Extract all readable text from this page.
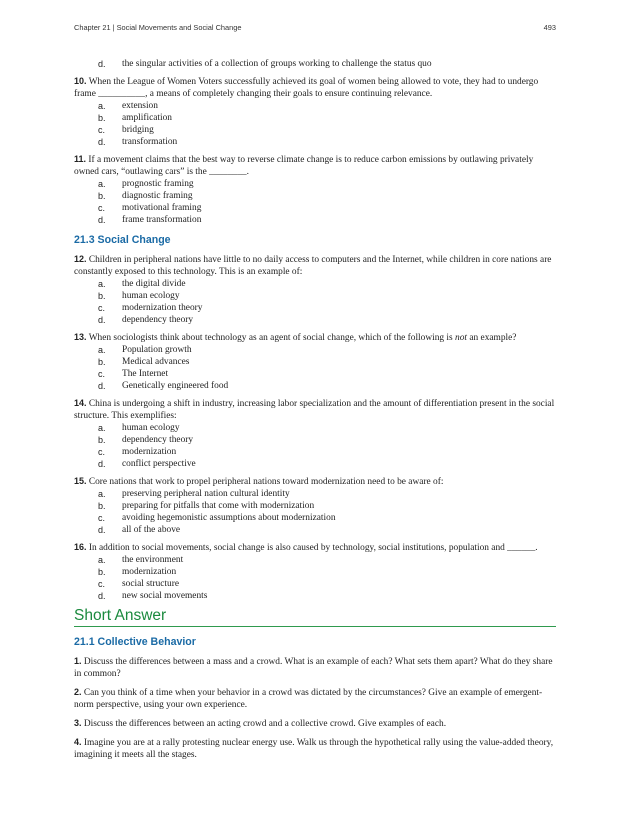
Chapter 21 | Social Movements and Social Change	493
d.	the singular activities of a collection of groups working to challenge the status quo

10. When the League of Women Voters successfully achieved its goal of women being allowed to vote, they had to undergo frame __________, a means of completely changing their goals to ensure continuing relevance.

a.	extension
b.	amplification
c.	bridging
d.	transformation

11. If a movement claims that the best way to reverse climate change is to reduce carbon emissions by outlawing privately owned cars, “outlawing cars” is the ________.

a.	prognostic framing
b.	diagnostic framing
c.	motivational framing
d.	frame transformation
21.3 Social Change

12. Children in peripheral nations have little to no daily access to computers and the Internet, while children in core nations are constantly exposed to this technology. This is an example of:

a.	the digital divide
b.	human ecology
c.	modernization theory
d.	dependency theory

13. When sociologists think about technology as an agent of social change, which of the following is not an example?

a.	Population growth
b.	Medical advances
c.	The Internet
d.	Genetically engineered food

14. China is undergoing a shift in industry, increasing labor specialization and the amount of differentiation present in the social structure. This exemplifies:

a.	human ecology
b.	dependency theory
c.	modernization
d.	conflict perspective

15. Core nations that work to propel peripheral nations toward modernization need to be aware of:

a.	preserving peripheral nation cultural identity
b.	preparing for pitfalls that come with modernization
c.	avoiding hegemonistic assumptions about modernization
d.	all of the above

16. In addition to social movements, social change is also caused by technology, social institutions, population and ______.

a.	the environment
b.	modernization
c.	social structure
d.	new social movements
Short Answer
21.1 Collective Behavior

1. Discuss the differences between a mass and a crowd. What is an example of each? What sets them apart? What do they share in common?

2. Can you think of a time when your behavior in a crowd was dictated by the circumstances? Give an example of emergent-norm perspective, using your own experience.

3. Discuss the differences between an acting crowd and a collective crowd. Give examples of each.

4. Imagine you are at a rally protesting nuclear energy use. Walk us through the hypothetical rally using the value-added theory, imagining it meets all the stages.
